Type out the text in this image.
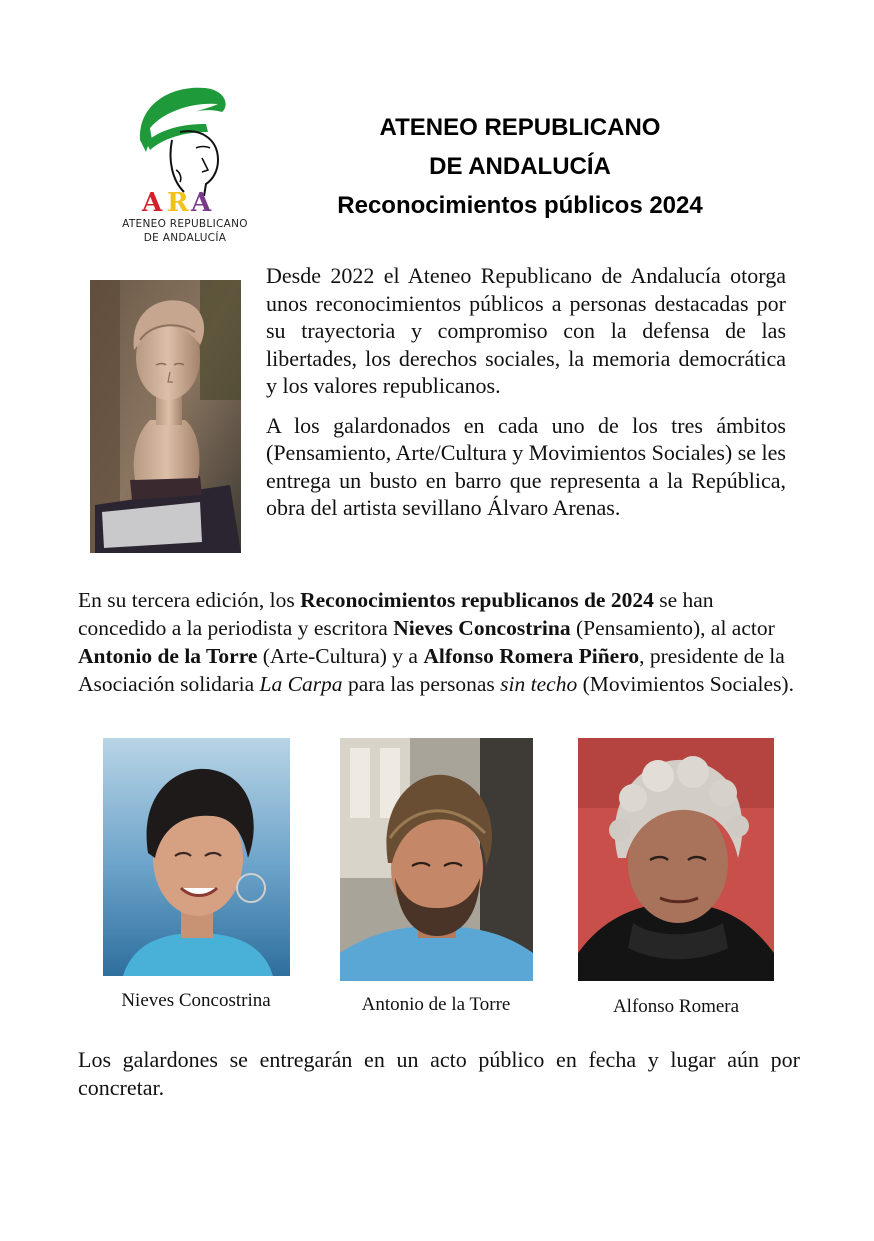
A R A
ATENEO REPUBLICANO
DE ANDALUCÍA
ATENEO REPUBLICANO
DE ANDALUCÍA
Reconocimientos públicos 2024

Desde 2022 el Ateneo Republicano de Andalucía otorga unos reconocimientos públicos a personas destacadas por su trayectoria y compromiso con la defensa de las libertades, los derechos sociales, la memoria democrática y los valores republicanos.

A los galardonados en cada uno de los tres ámbitos (Pensamiento, Arte/Cultura y Movimientos Sociales) se les entrega un busto en barro que representa a la República, obra del artista sevillano Álvaro Arenas.

En su tercera edición, los Reconocimientos republicanos de 2024 se han concedido a la periodista y escritora Nieves Concostrina (Pensamiento), al actor Antonio de la Torre (Arte-Cultura) y a Alfonso Romera Piñero, presidente de la Asociación solidaria La Carpa para las personas sin techo (Movimientos Sociales).

Nieves Concostrina	Antonio de la Torre	Alfonso Romera

Los galardones se entregarán en un acto público en fecha y lugar aún por concretar.
